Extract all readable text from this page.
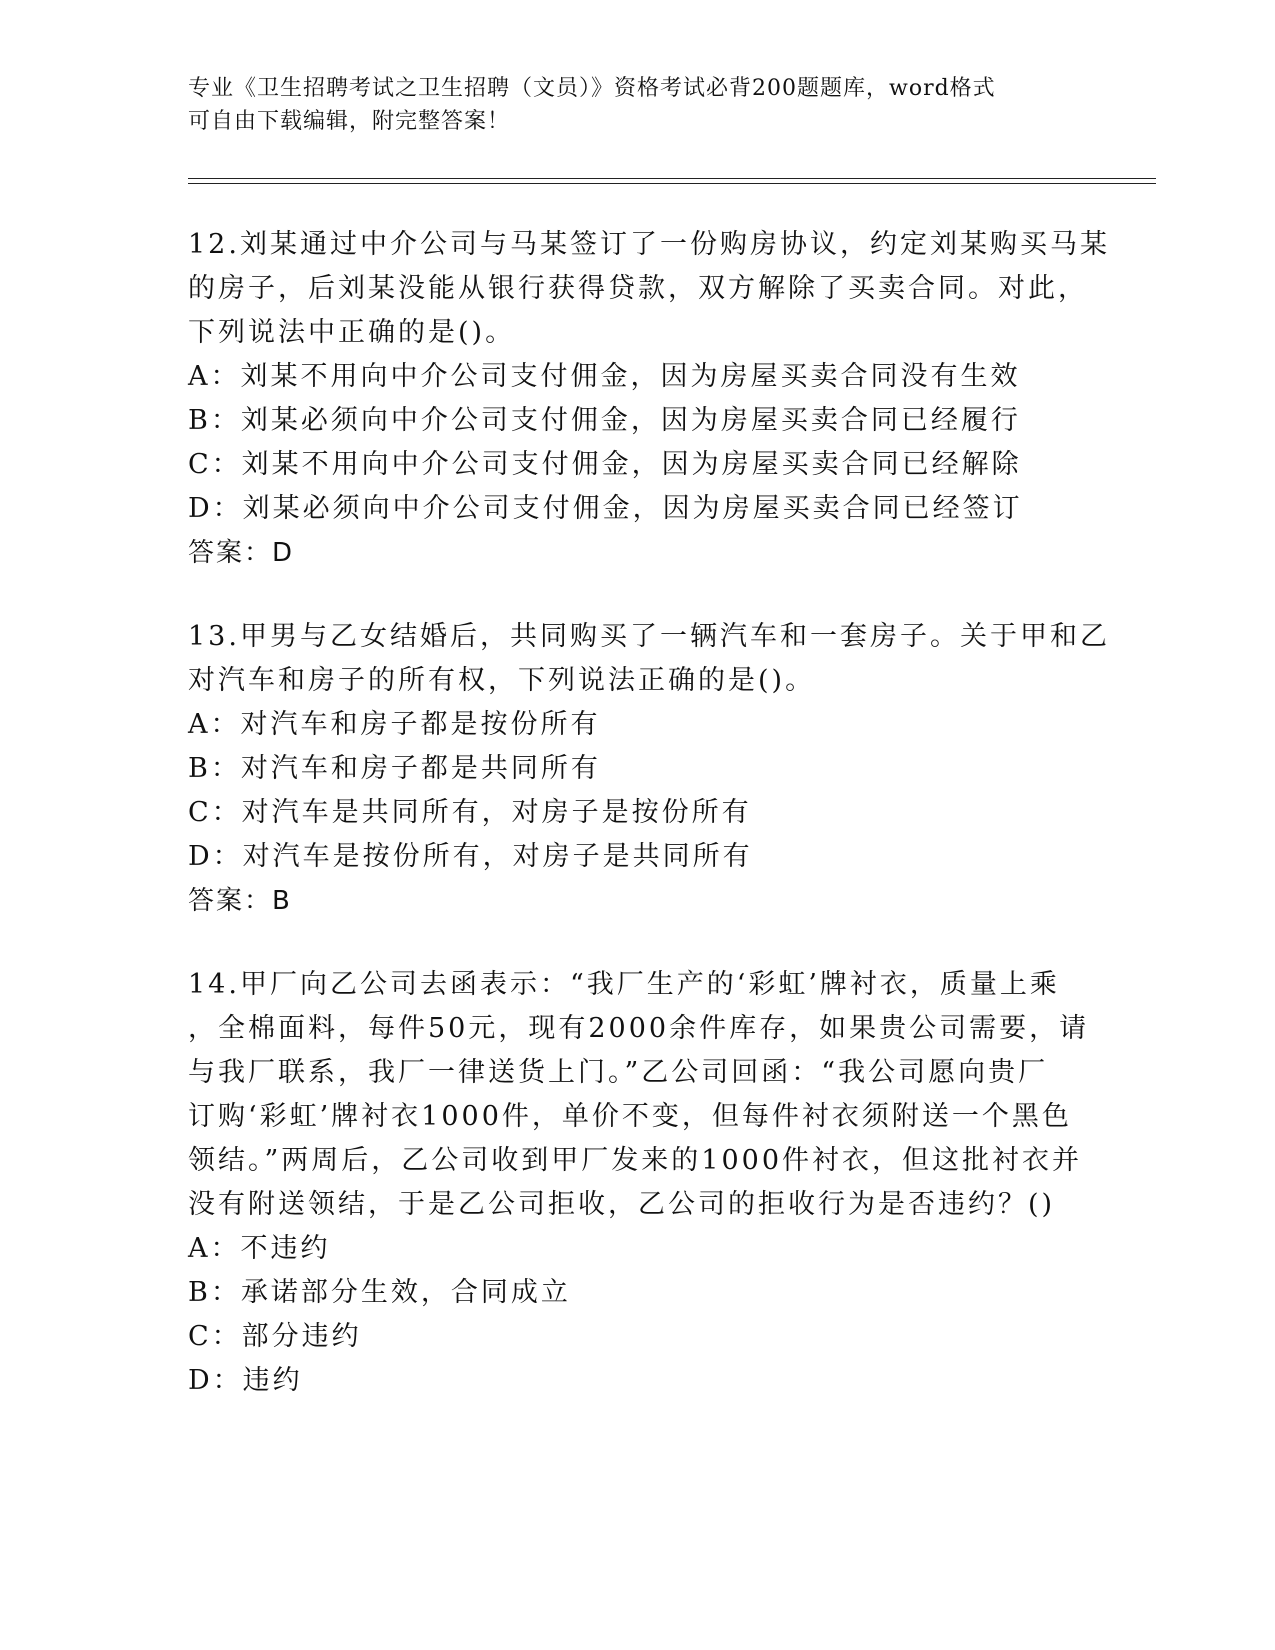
专业《卫生招聘考试之卫生招聘（文员）》资格考试必背200题题库，word格式
可自由下载编辑，附完整答案！
12.刘某通过中介公司与马某签订了一份购房协议，约定刘某购买马某
的房子，后刘某没能从银行获得贷款，双方解除了买卖合同。对此，
下列说法中正确的是()。
A：刘某不用向中介公司支付佣金，因为房屋买卖合同没有生效
B：刘某必须向中介公司支付佣金，因为房屋买卖合同已经履行
C：刘某不用向中介公司支付佣金，因为房屋买卖合同已经解除
D：刘某必须向中介公司支付佣金，因为房屋买卖合同已经签订
答案：D
13.甲男与乙女结婚后，共同购买了一辆汽车和一套房子。关于甲和乙
对汽车和房子的所有权，下列说法正确的是()。
A：对汽车和房子都是按份所有
B：对汽车和房子都是共同所有
C：对汽车是共同所有，对房子是按份所有
D：对汽车是按份所有，对房子是共同所有
答案：B
14.甲厂向乙公司去函表示：“我厂生产的‘彩虹’牌衬衣，质量上乘
，全棉面料，每件50元，现有2000余件库存，如果贵公司需要，请
与我厂联系，我厂一律送货上门。”乙公司回函：“我公司愿向贵厂
订购‘彩虹’牌衬衣1000件，单价不变，但每件衬衣须附送一个黑色
领结。”两周后，乙公司收到甲厂发来的1000件衬衣，但这批衬衣并
没有附送领结，于是乙公司拒收，乙公司的拒收行为是否违约？()
A：不违约
B：承诺部分生效，合同成立
C：部分违约
D：违约
